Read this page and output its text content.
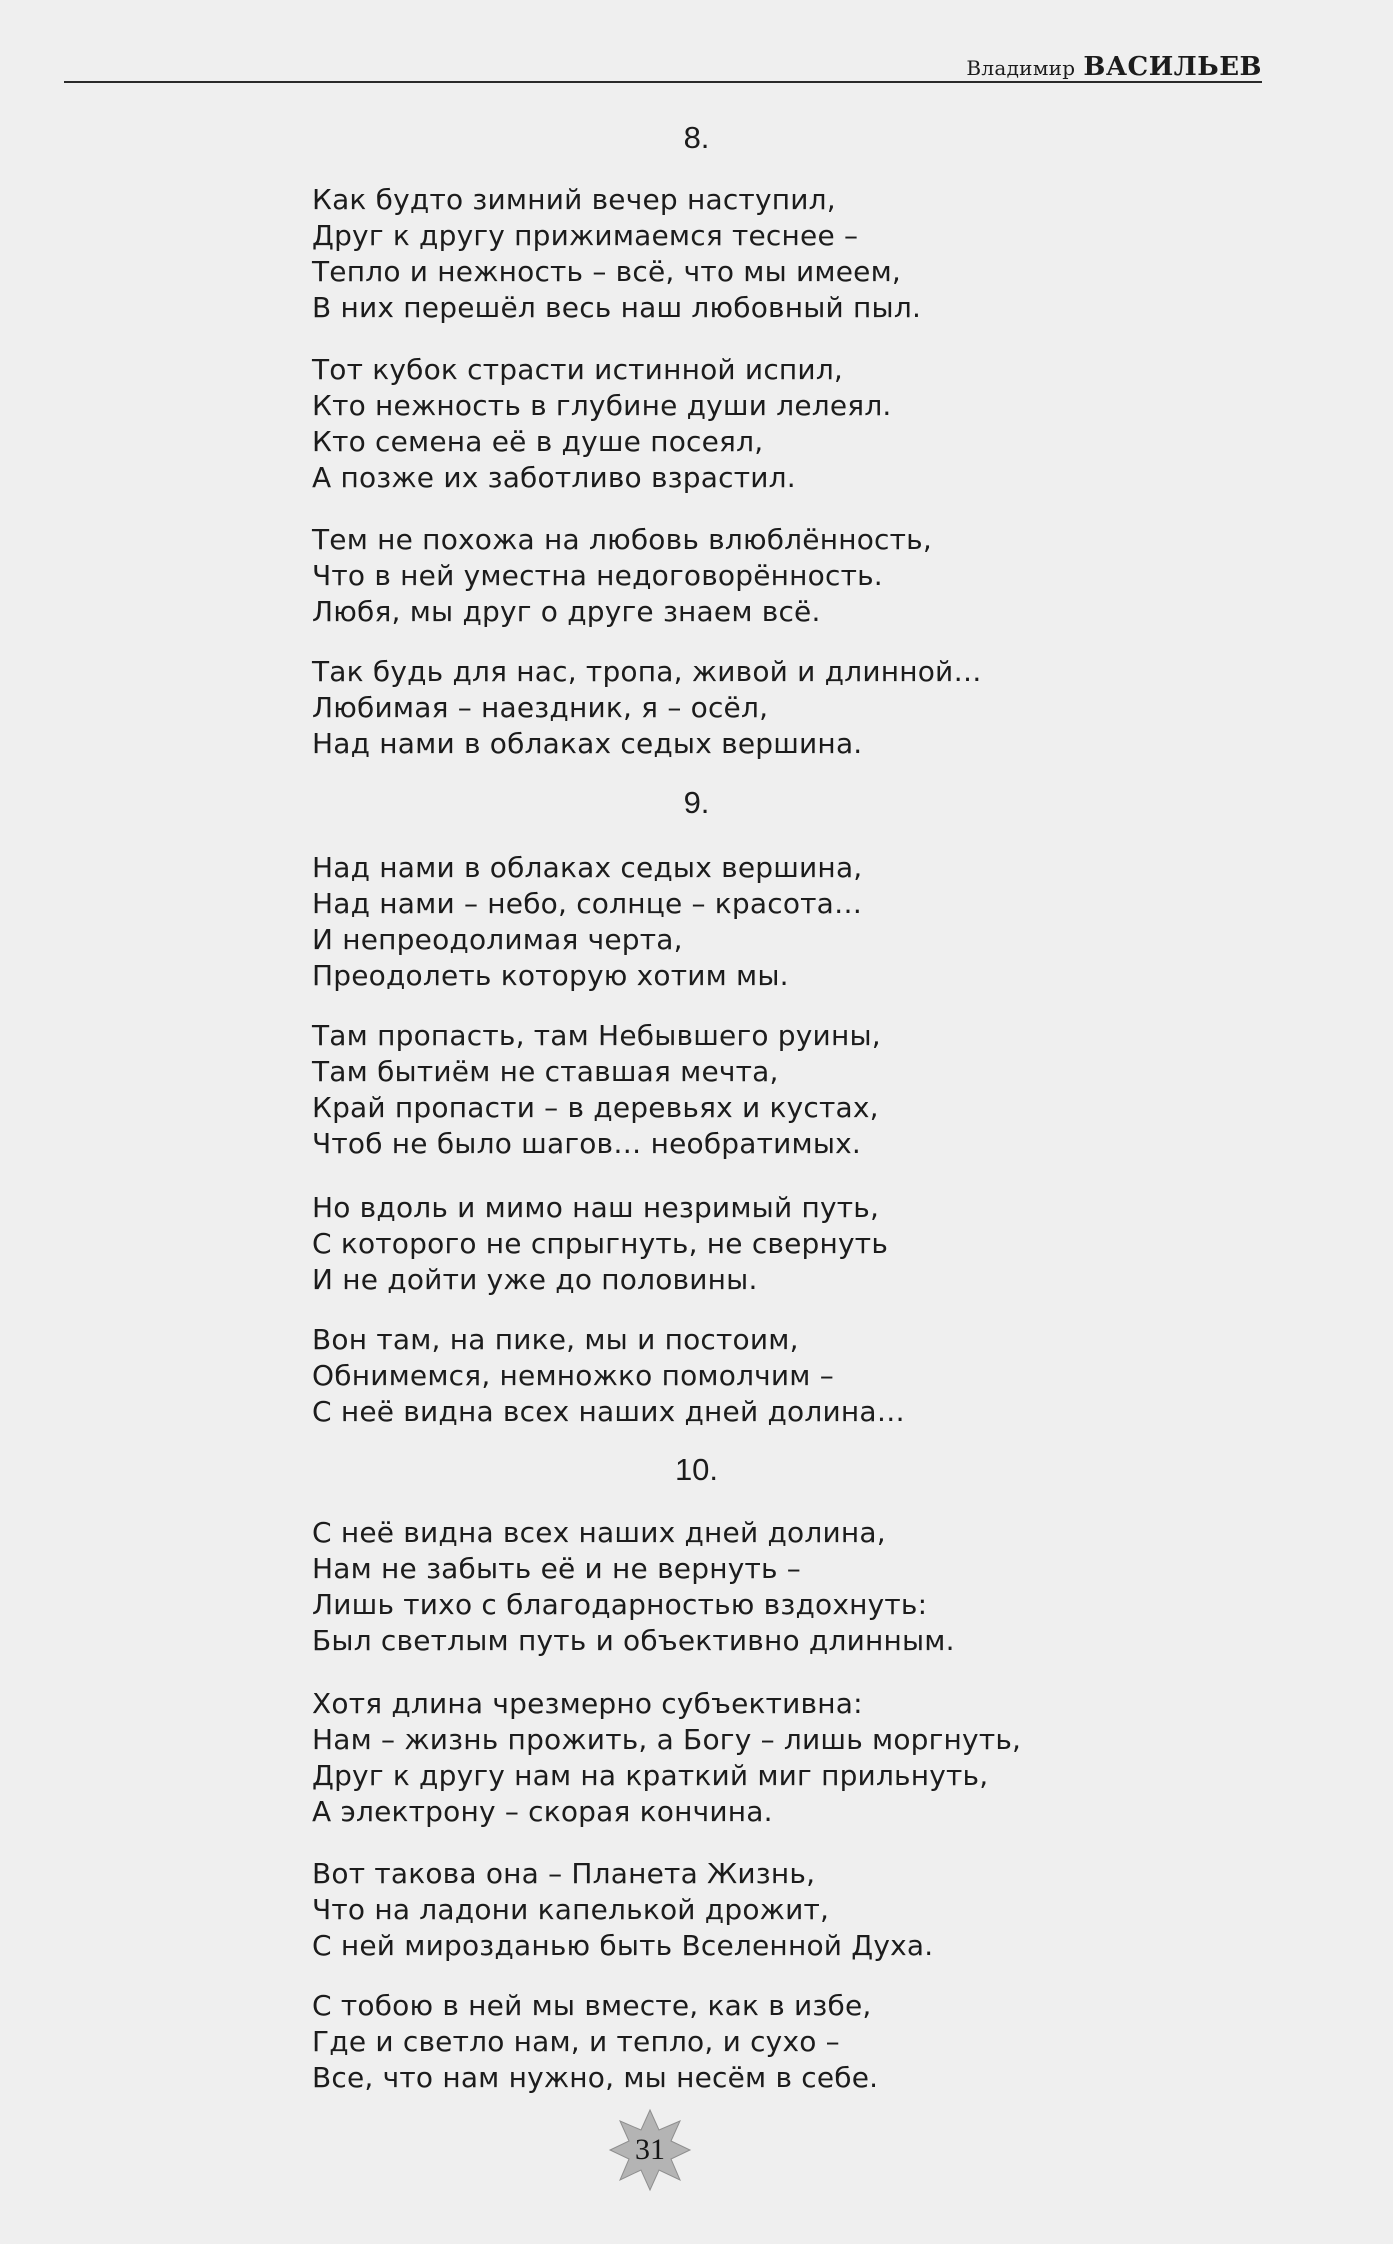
Владимир ВАСИЛЬЕВ
8.
Как будто зимний вечер наступил,
Друг к другу прижимаемся теснее –
Тепло и нежность – всё, что мы имеем,
В них перешёл весь наш любовный пыл.
Тот кубок страсти истинной испил,
Кто нежность в глубине души лелеял.
Кто семена её в душе посеял,
А позже их заботливо взрастил.
Тем не похожа на любовь влюблённость,
Что в ней уместна недоговорённость.
Любя, мы друг о друге знаем всё.
Так будь для нас, тропа, живой и длинной…
Любимая – наездник, я – осёл,
Над нами в облаках седых вершина.
9.
Над нами в облаках седых вершина,
Над нами – небо, солнце – красота…
И непреодолимая черта,
Преодолеть которую хотим мы.
Там пропасть, там Небывшего руины,
Там бытиём не ставшая мечта,
Край пропасти – в деревьях и кустах,
Чтоб не было шагов… необратимых.
Но вдоль и мимо наш незримый путь,
С которого не спрыгнуть, не свернуть
И не дойти уже до половины.
Вон там, на пике, мы и постоим,
Обнимемся, немножко помолчим –
С неё видна всех наших дней долина…
10.
С неё видна всех наших дней долина,
Нам не забыть её и не вернуть –
Лишь тихо с благодарностью вздохнуть:
Был светлым путь и объективно длинным.
Хотя длина чрезмерно субъективна:
Нам – жизнь прожить, а Богу – лишь моргнуть,
Друг к другу нам на краткий миг прильнуть,
А электрону – скорая кончина.
Вот такова она – Планета Жизнь,
Что на ладони капелькой дрожит,
С ней мирозданью быть Вселенной Духа.
С тобою в ней мы вместе, как в избе,
Где и светло нам, и тепло, и сухо –
Все, что нам нужно, мы несём в себе.
31
